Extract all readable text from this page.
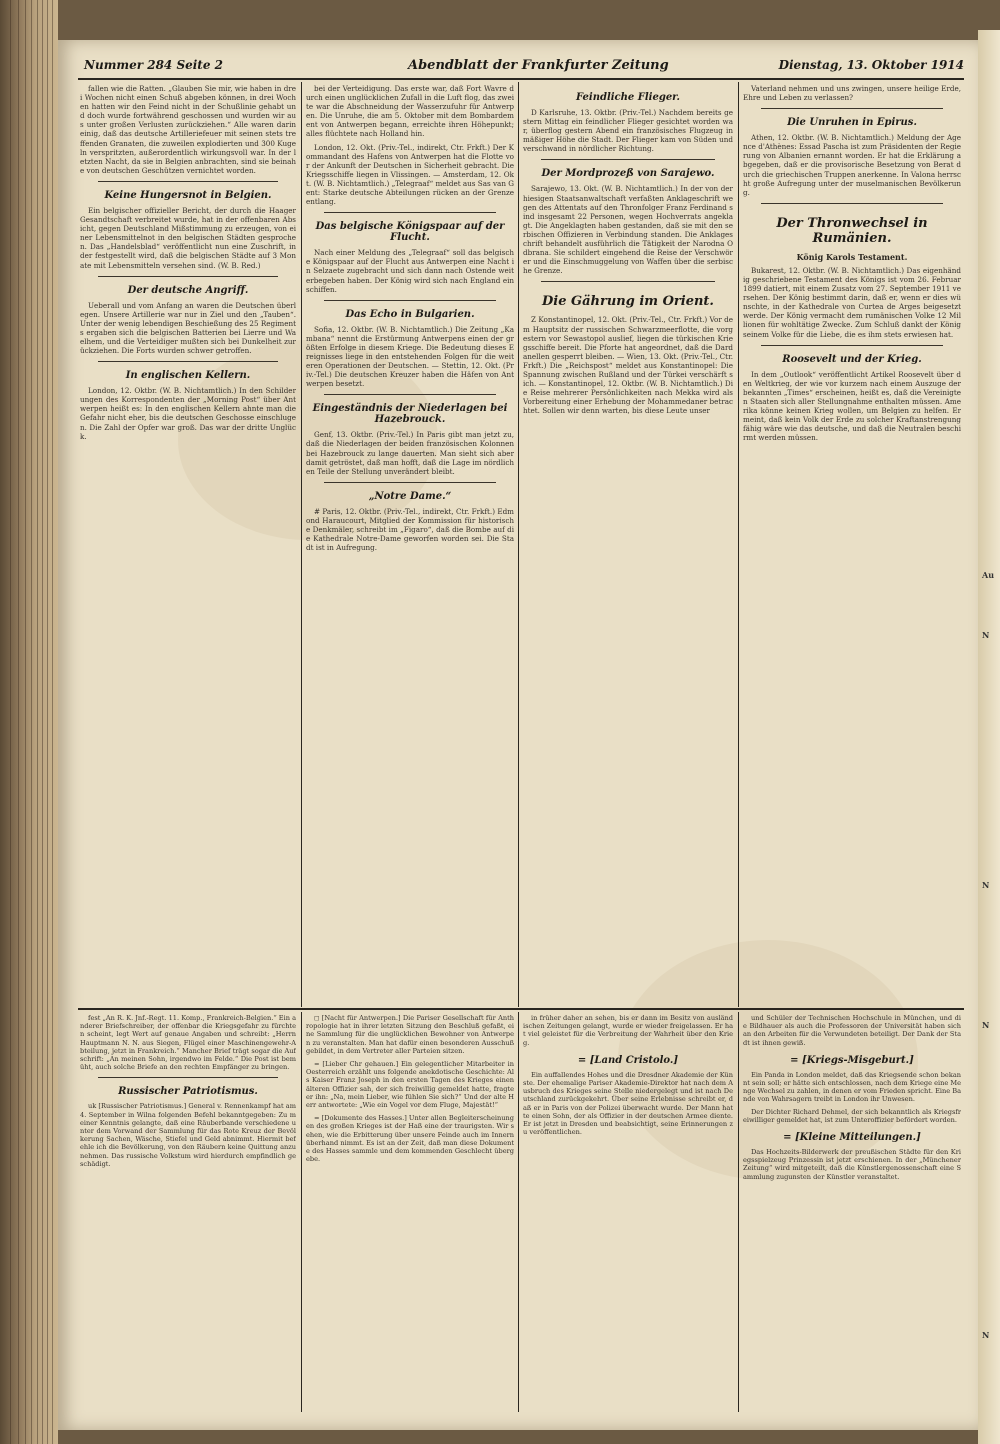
Au
N
N
N
N
Nummer 284 Seite 2	Abendblatt der Frankfurter Zeitung	Dienstag, 13. Oktober 1914
fallen wie die Ratten. „Glauben Sie mir, wie haben in drei Wochen nicht einen Schuß abgeben können, in drei Wochen hatten wir den Feind nicht in der Schußlinie gehabt und doch wurde fortwährend geschossen und wurden wir aus unter großen Verlusten zurückziehen.“ Alle waren darin einig, daß das deutsche Artilleriefeuer mit seinen stets treffenden Granaten, die zuweilen explodierten und 300 Kugeln verspritzten, außerordentlich wirkungsvoll war. In der letzten Nacht, da sie in Belgien anbrachten, sind sie beinahe von deutschen Geschützen vernichtet worden.
Keine Hungersnot in Belgien.
Ein belgischer offizieller Bericht, der durch die Haager Gesandtschaft verbreitet wurde, hat in der offenbaren Absicht, gegen Deutschland Mißstimmung zu erzeugen, von einer Lebensmittelnot in den belgischen Städten gesprochen. Das „Handelsblad“ veröffentlicht nun eine Zuschrift, in der festgestellt wird, daß die belgischen Städte auf 3 Monate mit Lebensmitteln versehen sind. (W. B. Red.)
Der deutsche Angriff.
Ueberall und vom Anfang an waren die Deutschen überlegen. Unsere Artillerie war nur in Ziel und den „Tauben“. Unter der wenig lebendigen Beschießung des 25 Regiments ergaben sich die belgischen Batterien bei Lierre und Waelhem, und die Verteidiger mußten sich bei Dunkelheit zurückziehen. Die Forts wurden schwer getroffen.
In englischen Kellern.
London, 12. Oktbr. (W. B. Nichtamtlich.) In den Schilderungen des Korrespondenten der „Morning Post“ über Antwerpen heißt es: In den englischen Kellern ahnte man die Gefahr nicht eher, bis die deutschen Geschosse einschlugen. Die Zahl der Opfer war groß. Das war der dritte Unglück.
bei der Verteidigung. Das erste war, daß Fort Wavre durch einen unglücklichen Zufall in die Luft flog, das zweite war die Abschneidung der Wasserzufuhr für Antwerpen. Die Unruhe, die am 5. Oktober mit dem Bombardement von Antwerpen begann, erreichte ihren Höhepunkt; alles flüchtete nach Holland hin.
London, 12. Okt. (Priv.-Tel., indirekt, Ctr. Frkft.) Der Kommandant des Hafens von Antwerpen hat die Flotte vor der Ankunft der Deutschen in Sicherheit gebracht. Die Kriegsschiffe liegen in Vlissingen. — Amsterdam, 12. Okt. (W. B. Nichtamtlich.) „Telegraaf“ meldet aus Sas van Gent: Starke deutsche Abteilungen rücken an der Grenze entlang.
Das belgische Königspaar auf der Flucht.
Nach einer Meldung des „Telegraaf“ soll das belgische Königspaar auf der Flucht aus Antwerpen eine Nacht in Selzaete zugebracht und sich dann nach Ostende weiterbegeben haben. Der König wird sich nach England einschiffen.
Das Echo in Bulgarien.
Sofia, 12. Oktbr. (W. B. Nichtamtlich.) Die Zeitung „Kambana“ nennt die Erstürmung Antwerpens einen der größten Erfolge in diesem Kriege. Die Bedeutung dieses Ereignisses liege in den entstehenden Folgen für die weiteren Operationen der Deutschen. — Stettin, 12. Okt. (Priv.-Tel.) Die deutschen Kreuzer haben die Häfen von Antwerpen besetzt.
Eingeständnis der Niederlagen bei Hazebrouck.
Genf, 13. Oktbr. (Priv.-Tel.) In Paris gibt man jetzt zu, daß die Niederlagen der beiden französischen Kolonnen bei Hazebrouck zu lange dauerten. Man sieht sich aber damit getröstet, daß man hofft, daß die Lage im nördlichen Teile der Stellung unverändert bleibt.
„Notre Dame.“
# Paris, 12. Oktbr. (Priv.-Tel., indirekt, Ctr. Frkft.) Edmond Haraucourt, Mitglied der Kommission für historische Denkmäler, schreibt im „Figaro“, daß die Bombe auf die Kathedrale Notre-Dame geworfen worden sei. Die Stadt ist in Aufregung.
Feindliche Flieger.
D Karlsruhe, 13. Oktbr. (Priv.-Tel.) Nachdem bereits gestern Mittag ein feindlicher Flieger gesichtet worden war, überflog gestern Abend ein französisches Flugzeug in mäßiger Höhe die Stadt. Der Flieger kam von Süden und verschwand in nördlicher Richtung.
Der Mordprozeß von Sarajewo.
Sarajewo, 13. Okt. (W. B. Nichtamtlich.) In der von der hiesigen Staatsanwaltschaft verfaßten Anklageschrift wegen des Attentats auf den Thronfolger Franz Ferdinand sind insgesamt 22 Personen, wegen Hochverrats angeklagt. Die Angeklagten haben gestanden, daß sie mit den serbischen Offizieren in Verbindung standen. Die Anklageschrift behandelt ausführlich die Tätigkeit der Narodna Odbrana. Sie schildert eingehend die Reise der Verschwörer und die Einschmuggelung von Waffen über die serbische Grenze.
Die Gährung im Orient.
Z Konstantinopel, 12. Okt. (Priv.-Tel., Ctr. Frkft.) Vor dem Hauptsitz der russischen Schwarzmeerflotte, die vorgestern vor Sewastopol auslief, liegen die türkischen Kriegsschiffe bereit. Die Pforte hat angeordnet, daß die Dardanellen gesperrt bleiben. — Wien, 13. Okt. (Priv.-Tel., Ctr. Frkft.) Die „Reichspost“ meldet aus Konstantinopel: Die Spannung zwischen Rußland und der Türkei verschärft sich. — Konstantinopel, 12. Oktbr. (W. B. Nichtamtlich.) Die Reise mehrerer Persönlichkeiten nach Mekka wird als Vorbereitung einer Erhebung der Mohammedaner betrachtet. Sollen wir denn warten, bis diese Leute unser
Vaterland nehmen und uns zwingen, unsere heilige Erde, Ehre und Leben zu verlassen?
Die Unruhen in Epirus.
Athen, 12. Oktbr. (W. B. Nichtamtlich.) Meldung der Agence d'Athènes: Essad Pascha ist zum Präsidenten der Regierung von Albanien ernannt worden. Er hat die Erklärung abgegeben, daß er die provisorische Besetzung von Berat durch die griechischen Truppen anerkenne. In Valona herrscht große Aufregung unter der muselmanischen Bevölkerung.
Der Thronwechsel in Rumänien.
König Karols Testament.
Bukarest, 12. Oktbr. (W. B. Nichtamtlich.) Das eigenhändig geschriebene Testament des Königs ist vom 26. Februar 1899 datiert, mit einem Zusatz vom 27. September 1911 versehen. Der König bestimmt darin, daß er, wenn er dies wünschte, in der Kathedrale von Curtea de Arges beigesetzt werde. Der König vermacht dem rumänischen Volke 12 Millionen für wohltätige Zwecke. Zum Schluß dankt der König seinem Volke für die Liebe, die es ihm stets erwiesen hat.
Roosevelt und der Krieg.
In dem „Outlook“ veröffentlicht Artikel Roosevelt über den Weltkrieg, der wie vor kurzem nach einem Auszuge der bekannten „Times“ erscheinen, heißt es, daß die Vereinigten Staaten sich aller Stellungnahme enthalten müssen. Amerika könne keinen Krieg wollen, um Belgien zu helfen. Er meint, daß kein Volk der Erde zu solcher Kraftanstrengung fähig wäre wie das deutsche, und daß die Neutralen beschirmt werden müssen.
fest „An R. K. Jnf.-Regt. 11. Komp., Frankreich-Belgien.“ Ein anderer Briefschreiber, der offenbar die Kriegsgefahr zu fürchten scheint, legt Wert auf genaue Angaben und schreibt: „Herrn Hauptmann N. N. aus Siegen, Flügel einer Maschinengewehr-Abteilung, jetzt in Frankreich.“ Mancher Brief trägt sogar die Aufschrift: „An meinen Sohn, irgendwo im Felde.“ Die Post ist bemüht, auch solche Briefe an den rechten Empfänger zu bringen.
Russischer Patriotismus.
uk [Russischer Patriotismus.] General v. Rennenkampf hat am 4. September in Wilna folgenden Befehl bekanntgegeben: Zu meiner Kenntnis gelangte, daß eine Räuberbande verschiedene unter dem Vorwand der Sammlung für das Rote Kreuz der Bevölkerung Sachen, Wäsche, Stiefel und Geld abnimmt. Hiermit befehle ich die Bevölkerung, von den Räubern keine Quittung anzunehmen. Das russische Volkstum wird hierdurch empfindlich geschädigt.
◻ [Nacht für Antwerpen.] Die Pariser Gesellschaft für Anthropologie hat in ihrer letzten Sitzung den Beschluß gefaßt, eine Sammlung für die unglücklichen Bewohner von Antwerpen zu veranstalten. Man hat dafür einen besonderen Ausschuß gebildet, in dem Vertreter aller Parteien sitzen.
= [Lieber Chr gehauen.] Ein gelegentlicher Mitarbeiter in Oesterreich erzählt uns folgende anekdotische Geschichte: Als Kaiser Franz Joseph in den ersten Tagen des Krieges einen älteren Offizier sah, der sich freiwillig gemeldet hatte, fragte er ihn: „Na, mein Lieber, wie fühlen Sie sich?“ Und der alte Herr antwortete: „Wie ein Vogel vor dem Fluge, Majestät!“
= [Dokumente des Hasses.] Unter allen Begleiterscheinungen des großen Krieges ist der Haß eine der traurigsten. Wir sehen, wie die Erbitterung über unsere Feinde auch im Innern überhand nimmt. Es ist an der Zeit, daß man diese Dokumente des Hasses sammle und dem kommenden Geschlecht übergebe.
in früher daher an sehen, bis er dann im Besitz von ausländischen Zeitungen gelangt, wurde er wieder freigelassen. Er hat viel geleistet für die Verbreitung der Wahrheit über den Krieg.
= [Land Cristolo.]
Ein auffallendes Hohes und die Dresdner Akademie der Künste. Der ehemalige Pariser Akademie-Direktor hat nach dem Ausbruch des Krieges seine Stelle niedergelegt und ist nach Deutschland zurückgekehrt. Über seine Erlebnisse schreibt er, daß er in Paris von der Polizei überwacht wurde. Der Mann hatte einen Sohn, der als Offizier in der deutschen Armee diente. Er ist jetzt in Dresden und beabsichtigt, seine Erinnerungen zu veröffentlichen.
und Schüler der Technischen Hochschule in München, und die Bildhauer als auch die Professoren der Universität haben sich an den Arbeiten für die Verwundeten beteiligt. Der Dank der Stadt ist ihnen gewiß.
= [Kriegs-Misgeburt.]
Ein Panda in London meldet, daß das Kriegsende schon bekannt sein soll; er hätte sich entschlossen, nach dem Kriege eine Menge Wechsel zu zahlen, in denen er vom Frieden spricht. Eine Bande von Wahrsagern treibt in London ihr Unwesen.
Der Dichter Richard Dehmel, der sich bekanntlich als Kriegsfreiwilliger gemeldet hat, ist zum Unteroffizier befördert worden.
= [Kleine Mitteilungen.]
Das Hochzeits-Bilderwerk der preußischen Städte für den Kriegsspielzeug Prinzessin ist jetzt erschienen. In der „Münchener Zeitung“ wird mitgeteilt, daß die Künstlergenossenschaft eine Sammlung zugunsten der Künstler veranstaltet.
